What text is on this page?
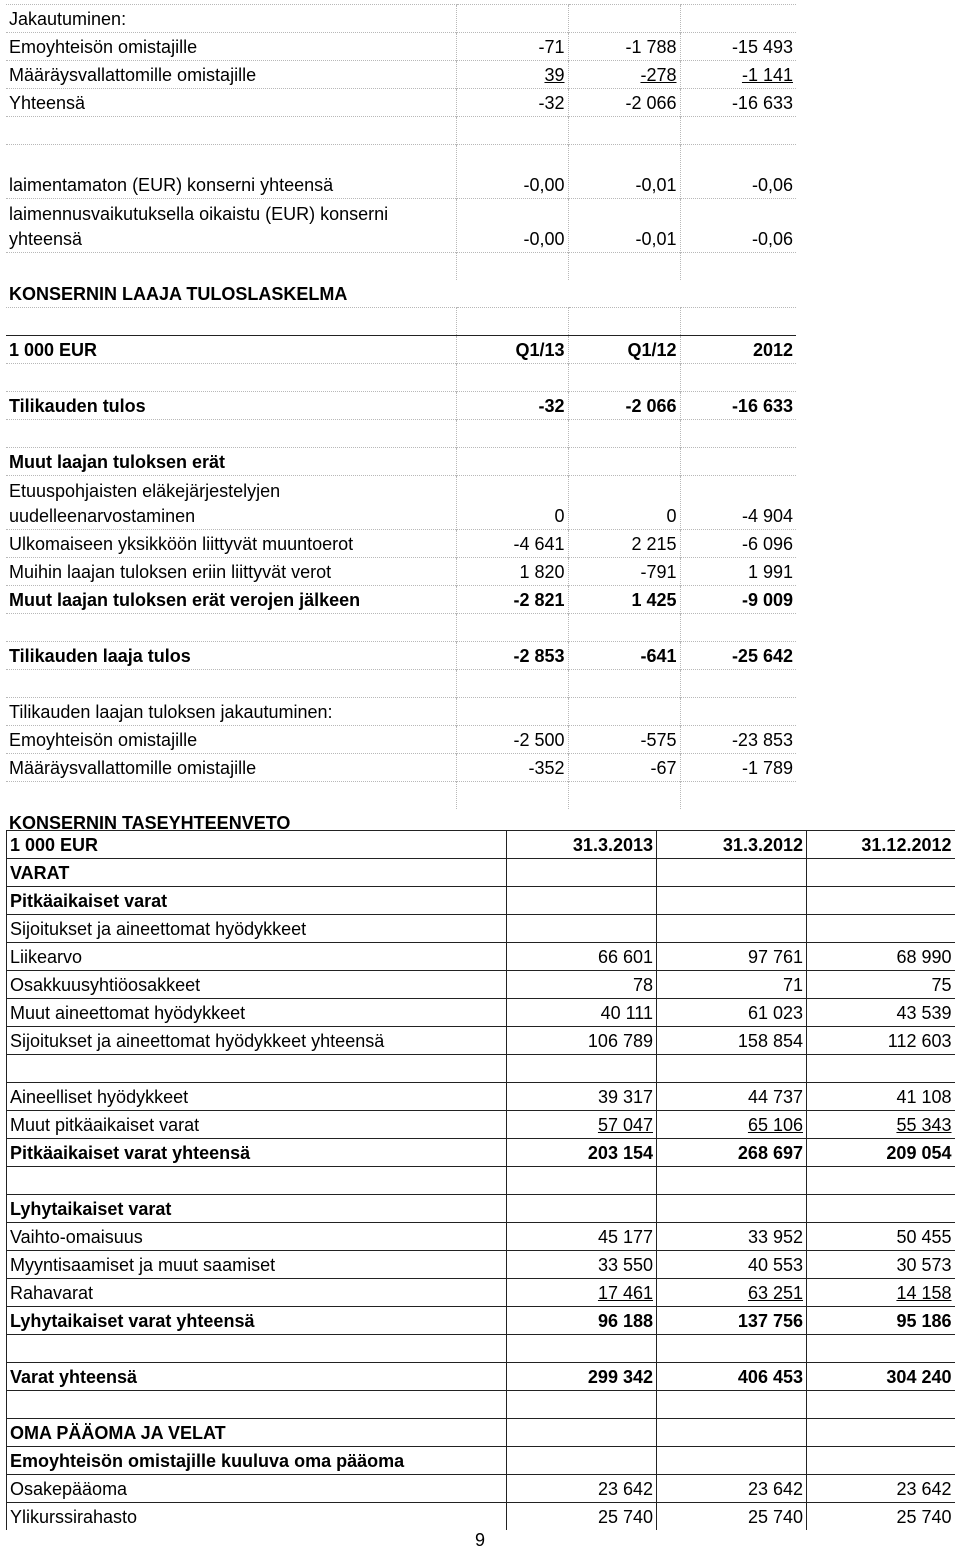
Jakautuminen:			
Emoyhteisön omistajille	-71	-1 788	-15 493
Määräysvallattomille omistajille	39	-278	-1 141
Yhteensä	-32	-2 066	-16 633

laimentamaton (EUR) konserni yhteensä	-0,00	-0,01	-0,06
laimennusvaikutuksella oikaistu (EUR) konserni yhteensä	-0,00	-0,01	-0,06

KONSERNIN LAAJA TULOSLASKELMA			

1 000 EUR	Q1/13	Q1/12	2012

Tilikauden tulos	-32	-2 066	-16 633

Muut laajan tuloksen erät			
Etuuspohjaisten eläkejärjestelyjen uudelleenarvostaminen	0	0	-4 904
Ulkomaiseen yksikköön liittyvät muuntoerot	-4 641	2 215	-6 096
Muihin laajan tuloksen eriin liittyvät verot	1 820	-791	1 991
Muut laajan tuloksen erät verojen jälkeen	-2 821	1 425	-9 009

Tilikauden laaja tulos	-2 853	-641	-25 642

Tilikauden laajan tuloksen jakautuminen:			
Emoyhteisön omistajille	-2 500	-575	-23 853
Määräysvallattomille omistajille	-352	-67	-1 789

KONSERNIN TASEYHTEENVETO			
1 000 EUR	31.3.2013	31.3.2012	31.12.2012
VARAT			
Pitkäaikaiset varat			
Sijoitukset ja aineettomat hyödykkeet			
Liikearvo	66 601	97 761	68 990
Osakkuusyhtiöosakkeet	78	71	75
Muut aineettomat hyödykkeet	40 111	61 023	43 539
Sijoitukset ja aineettomat hyödykkeet yhteensä	106 789	158 854	112 603

Aineelliset hyödykkeet	39 317	44 737	41 108
Muut pitkäaikaiset varat	57 047	65 106	55 343
Pitkäaikaiset varat yhteensä	203 154	268 697	209 054

Lyhytaikaiset varat			
Vaihto-omaisuus	45 177	33 952	50 455
Myyntisaamiset ja muut saamiset	33 550	40 553	30 573
Rahavarat	17 461	63 251	14 158
Lyhytaikaiset varat yhteensä	96 188	137 756	95 186

Varat yhteensä	299 342	406 453	304 240

OMA PÄÄOMA JA VELAT			
Emoyhteisön omistajille kuuluva oma pääoma			
Osakepääoma	23 642	23 642	23 642
Ylikurssirahasto	25 740	25 740	25 740
9
